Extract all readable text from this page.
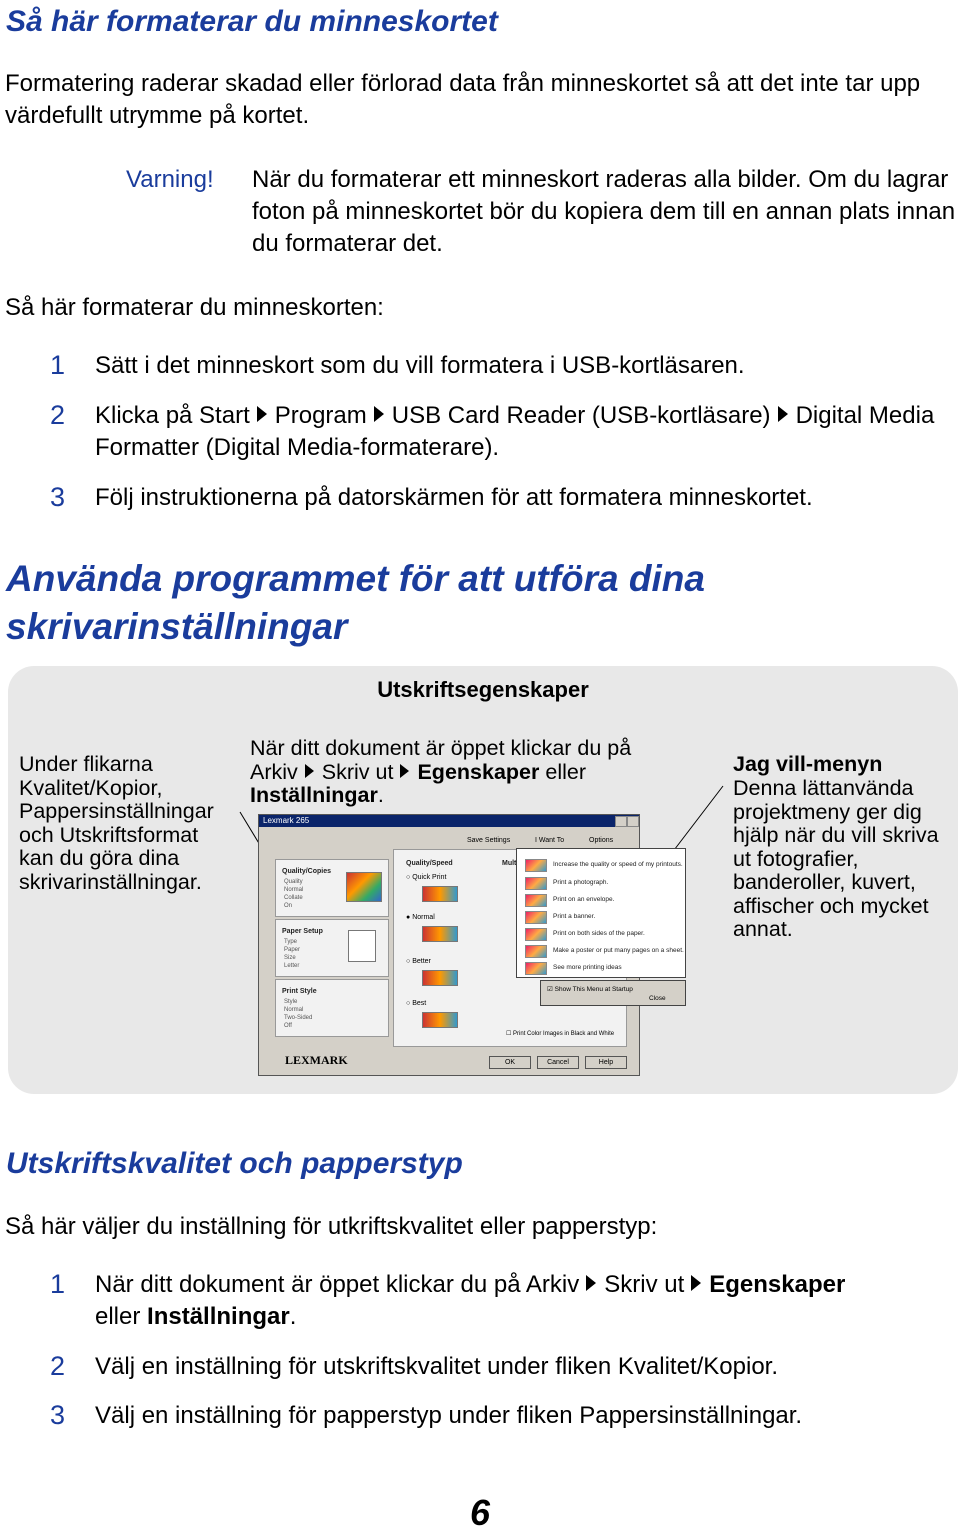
Så här formaterar du minneskortet
Formatering raderar skadad eller förlorad data från minneskortet så att det inte tar upp värdefullt utrymme på kortet.
Varning! När du formaterar ett minneskort raderas alla bilder. Om du lagrar foton på minneskortet bör du kopiera dem till en annan plats innan du formaterar det.
Så här formaterar du minneskorten:
1	Sätt i det minneskort som du vill formatera i USB-kortläsaren.
2	Klicka på Start Program USB Card Reader (USB-kortläsare) Digital Media Formatter (Digital Media-formaterare).
3	Följ instruktionerna på datorskärmen för att formatera minneskortet.
Använda programmet för att utföra dina
skrivarinställningar
Utskriftsegenskaper
Under flikarna Kvalitet/Kopior, Pappersinställningar och Utskriftsformat kan du göra dina skrivarinställningar.
När ditt dokument är öppet klickar du på Arkiv Skriv ut Egenskaper eller Inställningar.
Jag vill-menyn
Denna lättanvända projektmeny ger dig hjälp när du vill skriva ut fotografier, banderoller, kuvert, affischer och mycket annat.
Lexmark 265
Save Settings	I Want To	Options
Quality/Copies
Quality
Normal
Collate
On
Paper Setup
Type
Paper
Size
Letter
Print Style
Style
Normal
Two-Sided
Off
Quality/Speed	Mult
○ Quick Print
● Normal
○ Better
○ Best
☐ Print Color Images in Black and White
LEXMARK	OK	Cancel	Help
Increase the quality or speed of my printouts.
Print a photograph.
Print on an envelope.
Print a banner.
Print on both sides of the paper.
Make a poster or put many pages on a sheet.
See more printing ideas
☑ Show This Menu at Startup
Close
Utskriftskvalitet och papperstyp
Så här väljer du inställning för utkriftskvalitet eller papperstyp:
1	När ditt dokument är öppet klickar du på Arkiv Skriv ut Egenskaper
eller Inställningar.
2	Välj en inställning för utskriftskvalitet under fliken Kvalitet/Kopior.
3	Välj en inställning för papperstyp under fliken Pappersinställningar.
6
